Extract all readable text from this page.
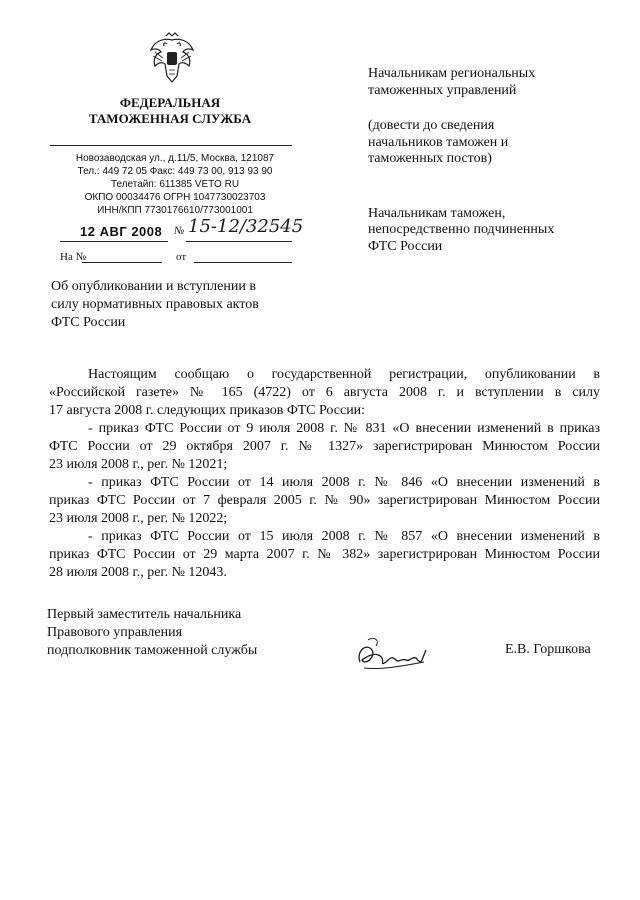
ФЕДЕРАЛЬНАЯ
ТАМОЖЕННАЯ СЛУЖБА
Новозаводская ул., д.11/5, Москва, 121087
Тел.: 449 72 05 Факс: 449 73 00, 913 93 90
Телетайп: 611385 VETO RU
ОКПО 00034476 ОГРН 1047730023703
ИНН/КПП 7730176610/773001001
12 АВГ 2008 № 15-12/32545
На №	от
Начальникам региональных
таможенных управлений
(довести до сведения
начальников таможен и
таможенных постов)
Начальникам таможен,
непосредственно подчиненных
ФТС России
Об опубликовании и вступлении в
силу нормативных правовых актов
ФТС России
Настоящим сообщаю о государственной регистрации, опубликовании в
«Российской газете» № 165 (4722) от 6 августа 2008 г. и вступлении в силу
17 августа 2008 г. следующих приказов ФТС России:
- приказ ФТС России от 9 июля 2008 г. № 831 «О внесении изменений в приказ
ФТС России от 29 октября 2007 г. № 1327» зарегистрирован Минюстом России
23 июля 2008 г., рег. № 12021;
- приказ ФТС России от 14 июля 2008 г. № 846 «О внесении изменений в
приказ ФТС России от 7 февраля 2005 г. № 90» зарегистрирован Минюстом России
23 июля 2008 г., рег. № 12022;
- приказ ФТС России от 15 июля 2008 г. № 857 «О внесении изменений в
приказ ФТС России от 29 марта 2007 г. № 382» зарегистрирован Минюстом России
28 июля 2008 г., рег. № 12043.
Первый заместитель начальника
Правового управления
подполковник таможенной службы	Е.В. Горшкова
